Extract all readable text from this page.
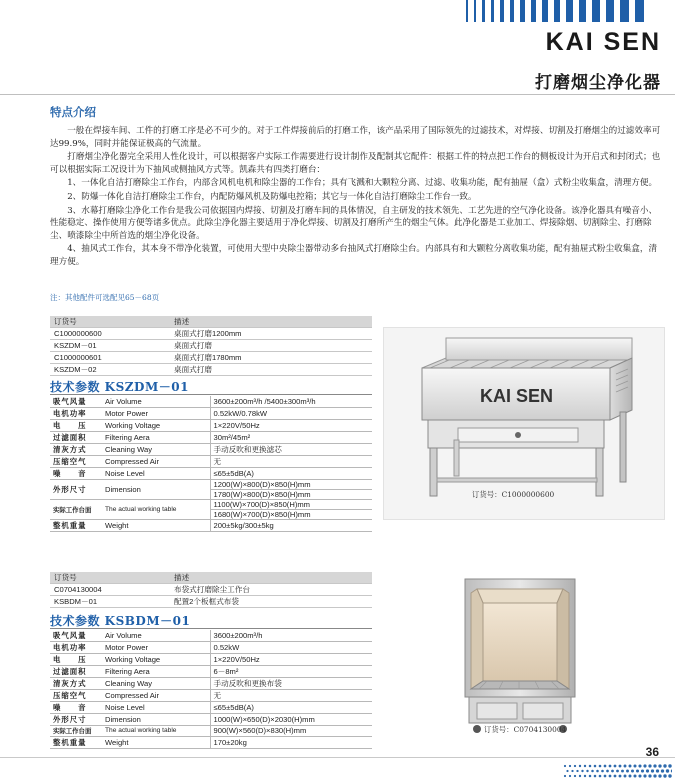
KAI SEN
打磨烟尘净化器
特点介绍

一般在焊接车间、工件的打磨工序是必不可少的。对于工件焊接前后的打磨工作，该产品采用了国际领先的过滤技术，对焊接、切割及打磨烟尘的过滤效率可达99.9%，同时并能保证极高的气流量。

打磨烟尘净化器完全采用人性化设计，可以根据客户实际工作需要进行设计制作及配制其它配件：根据工件的特点把工作台的侧板设计为开启式和封闭式；也可以根据实际工况设计为下抽风或侧抽风方式等。凯森共有四类打磨台：

1、一体化自洁打磨除尘工作台，内部含风机电机和除尘器的工作台；具有飞溅和大颗粒分离、过滤、收集功能，配有抽屉（盒）式粉尘收集盒，清理方便。

2、防爆一体化自洁打磨除尘工作台，内配防爆风机及防爆电控箱；其它与一体化自洁打磨除尘工作台一致。

3、水幕打磨除尘净化工作台是我公司依据国内焊接、切割及打磨车间的具体情况，自主研发的技术领先、工艺先进的空气净化设备。该净化器具有噪音小、性能稳定、操作使用方便等诸多优点。此除尘净化器主要适用于净化焊接、切割及打磨所产生的烟尘气体。此净化器是工业加工、焊接除烟、切割除尘、打磨除尘、喷漆除尘中所首选的烟尘净化设备。

4、抽风式工作台，其本身不带净化装置，可使用大型中央除尘器带动多台抽风式打磨除尘台。内部具有和大颗粒分离收集功能，配有抽屉式粉尘收集盒，清理方便。

注：其他配件可选配见65－68页
订货号	描述
C1000000600	桌面式打磨1200mm
KSZDM－01	桌面式打磨
C1000000601	桌面式打磨1780mm
KSZDM－02	桌面式打磨
技术参数 KSZDM－01
吸气风量	Air Volume	3600±200m³/h /5400±300m³/h
电机功率	Motor Power	0.52kW/0.78kW
电　　压	Working Voltage	1×220V/50Hz
过滤面积	Filtering Aera	30m²/45m²
清灰方式	Cleaning Way	手动反吹和更换滤芯
压缩空气	Compressed Air	无
噪　　音	Noise Level	≤65±5dB(A)
外形尺寸	Dimension	1200(W)×800(D)×850(H)mm
		1780(W)×800(D)×850(H)mm
实际工作台面	The actual working table	1100(W)×700(D)×850(H)mm
		1680(W)×700(D)×850(H)mm
整机重量	Weight	200±5kg/300±5kg
KAI SEN
订货号：C1000000600
订货号	描述
C0704130004	布袋式打磨除尘工作台
KSBDM－01	配置2个板框式布袋
技术参数 KSBDM－01
吸气风量	Air Volume	3600±200m³/h
电机功率	Motor Power	0.52kW
电　　压	Working Voltage	1×220V/50Hz
过滤面积	Filtering Aera	6－8m²
清灰方式	Cleaning Way	手动反吹和更换布袋
压缩空气	Compressed Air	无
噪　　音	Noise Level	≤65±5dB(A)
外形尺寸	Dimension	1000(W)×650(D)×2030(H)mm
实际工作台面	The actual working table	900(W)×560(D)×830(H)mm
整机重量	Weight	170±20kg
订货号：C0704130004
36
